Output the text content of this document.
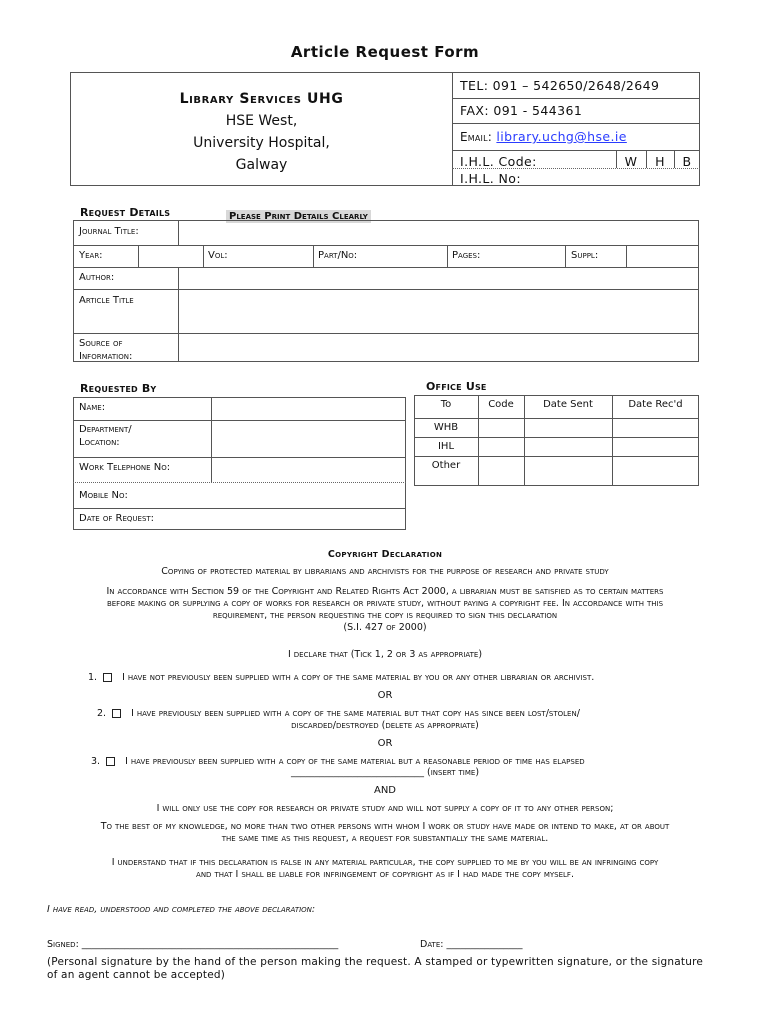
Article Request Form
Library Services UHG
HSE West,
University Hospital,
Galway
TEL: 091 – 542650/2648/2649
FAX: 091 - 544361
Email: library.uchg@hse.ie
I.H.L. Code:	W	H	B
I.H.L. No:
Request Details	Please Print Details Clearly
Journal Title:
Year:	Vol:	Part/No:	Pages:	Suppl:
Author:
Article Title
Source of
Information:
Requested By
Name:
Department/
Location:
Work Telephone No:
Mobile No:
Date of Request:
Office Use
To	Code	Date Sent	Date Rec'd
WHB
IHL
Other
Copyright Declaration
Copying of protected material by librarians and archivists for the purpose of research and private study
In accordance with Section 59 of the Copyright and Related Rights Act 2000, a librarian must be satisfied as to certain matters
before making or supplying a copy of works for research or private study, without paying a copyright fee. In accordance with this
requirement, the person requesting the copy is required to sign this declaration
(S.I. 427 of 2000)
I declare that (Tick 1, 2 or 3 as appropriate)
1.	I have not previously been supplied with a copy of the same material by you or any other librarian or archivist.
OR
2.	I have previously been supplied with a copy of the same material but that copy has since been lost/stolen/
discarded/destroyed (delete as appropriate)
OR
3.	I have previously been supplied with a copy of the same material but a reasonable period of time has elapsed
____________________________ (insert time)
AND
I will only use the copy for research or private study and will not supply a copy of it to any other person;
To the best of my knowledge, no more than two other persons with whom I work or study have made or intend to make, at or about
the same time as this request, a request for substantially the same material.
I understand that if this declaration is false in any material particular, the copy supplied to me by you will be an infringing copy
and that I shall be liable for infringement of copyright as if I had made the copy myself.
I have read, understood and completed the above declaration:
Signed: ______________________________________________________	Date: ________________
(Personal signature by the hand of the person making the request. A stamped or typewritten signature, or the signature of an agent cannot be accepted)
